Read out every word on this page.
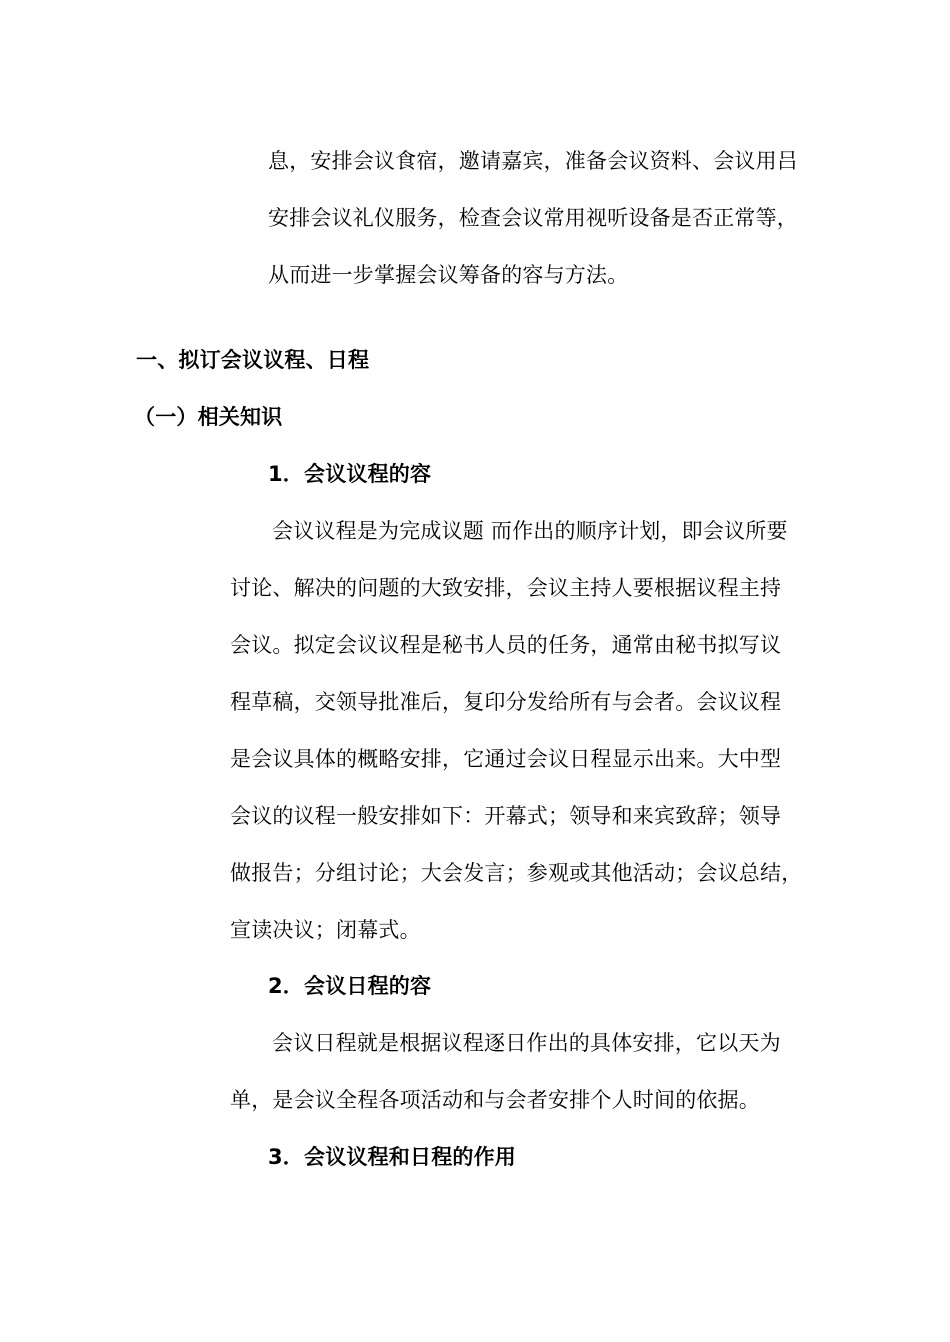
息，安排会议食宿，邀请嘉宾，准备会议资料、会议用吕
安排会议礼仪服务，检查会议常用视听设备是否正常等，
从而进一步掌握会议筹备的容与方法。
一、拟订会议议程、日程
（一）相关知识
1．会议议程的容
会议议程是为完成议题 而作出的顺序计划，即会议所要
讨论、解决的问题的大致安排，会议主持人要根据议程主持
会议。拟定会议议程是秘书人员的任务，通常由秘书拟写议
程草稿，交领导批准后，复印分发给所有与会者。会议议程
是会议具体的概略安排，它通过会议日程显示出来。大中型
会议的议程一般安排如下：开幕式；领导和来宾致辞；领导
做报告；分组讨论；大会发言；参观或其他活动；会议总结，
宣读决议；闭幕式。
2．会议日程的容
会议日程就是根据议程逐日作出的具体安排，它以天为
单，是会议全程各项活动和与会者安排个人时间的依据。
3．会议议程和日程的作用
